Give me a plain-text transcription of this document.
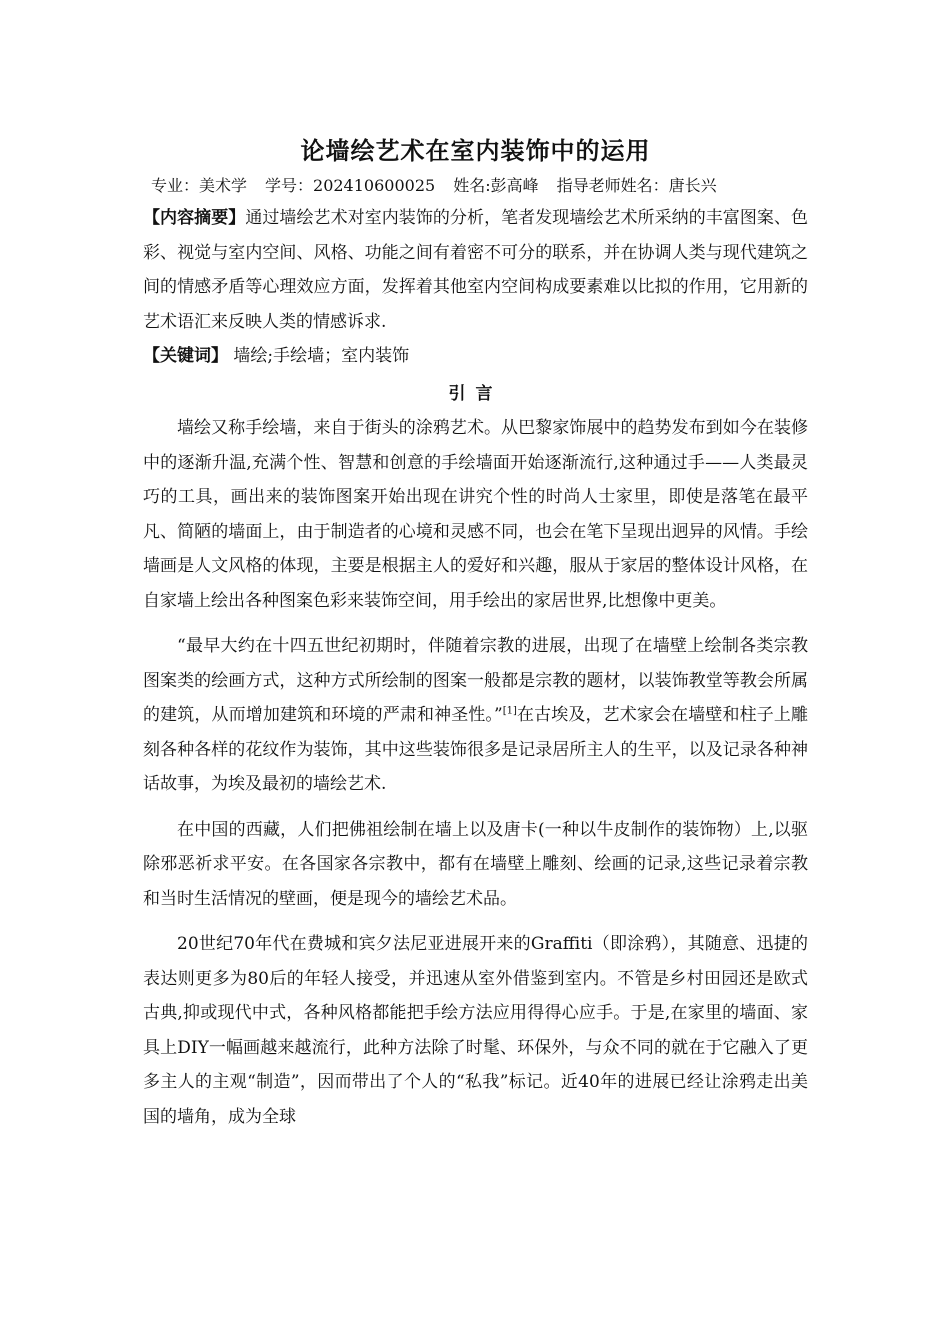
论墙绘艺术在室内装饰中的运用
专业：美术学 学号：202410600025 姓名:彭高峰 指导老师姓名：唐长兴

【内容摘要】通过墙绘艺术对室内装饰的分析，笔者发现墙绘艺术所采纳的丰富图案、色彩、视觉与室内空间、风格、功能之间有着密不可分的联系，并在协调人类与现代建筑之间的情感矛盾等心理效应方面，发挥着其他室内空间构成要素难以比拟的作用，它用新的艺术语汇来反映人类的情感诉求.

【关键词】 墙绘;手绘墙；室内装饰
引言

墙绘又称手绘墙，来自于街头的涂鸦艺术。从巴黎家饰展中的趋势发布到如今在装修中的逐渐升温,充满个性、智慧和创意的手绘墙面开始逐渐流行,这种通过手——人类最灵巧的工具，画出来的装饰图案开始出现在讲究个性的时尚人士家里，即使是落笔在最平凡、简陋的墙面上，由于制造者的心境和灵感不同，也会在笔下呈现出迥异的风情。手绘墙画是人文风格的体现，主要是根据主人的爱好和兴趣，服从于家居的整体设计风格，在自家墙上绘出各种图案色彩来装饰空间，用手绘出的家居世界,比想像中更美。

“最早大约在十四五世纪初期时，伴随着宗教的进展，出现了在墙壁上绘制各类宗教图案类的绘画方式，这种方式所绘制的图案一般都是宗教的题材，以装饰教堂等教会所属的建筑，从而增加建筑和环境的严肃和神圣性。”[1]在古埃及，艺术家会在墙壁和柱子上雕刻各种各样的花纹作为装饰，其中这些装饰很多是记录居所主人的生平，以及记录各种神话故事，为埃及最初的墙绘艺术.

在中国的西藏，人们把佛祖绘制在墙上以及唐卡(一种以牛皮制作的装饰物）上,以驱除邪恶祈求平安。在各国家各宗教中，都有在墙壁上雕刻、绘画的记录,这些记录着宗教和当时生活情况的壁画，便是现今的墙绘艺术品。

20世纪70年代在费城和宾夕法尼亚进展开来的Graffiti（即涂鸦），其随意、迅捷的表达则更多为80后的年轻人接受，并迅速从室外借鉴到室内。不管是乡村田园还是欧式古典,抑或现代中式，各种风格都能把手绘方法应用得得心应手。于是,在家里的墙面、家具上DIY一幅画越来越流行，此种方法除了时髦、环保外，与众不同的就在于它融入了更多主人的主观“制造”，因而带出了个人的“私我”标记。近40年的进展已经让涂鸦走出美国的墙角，成为全球
